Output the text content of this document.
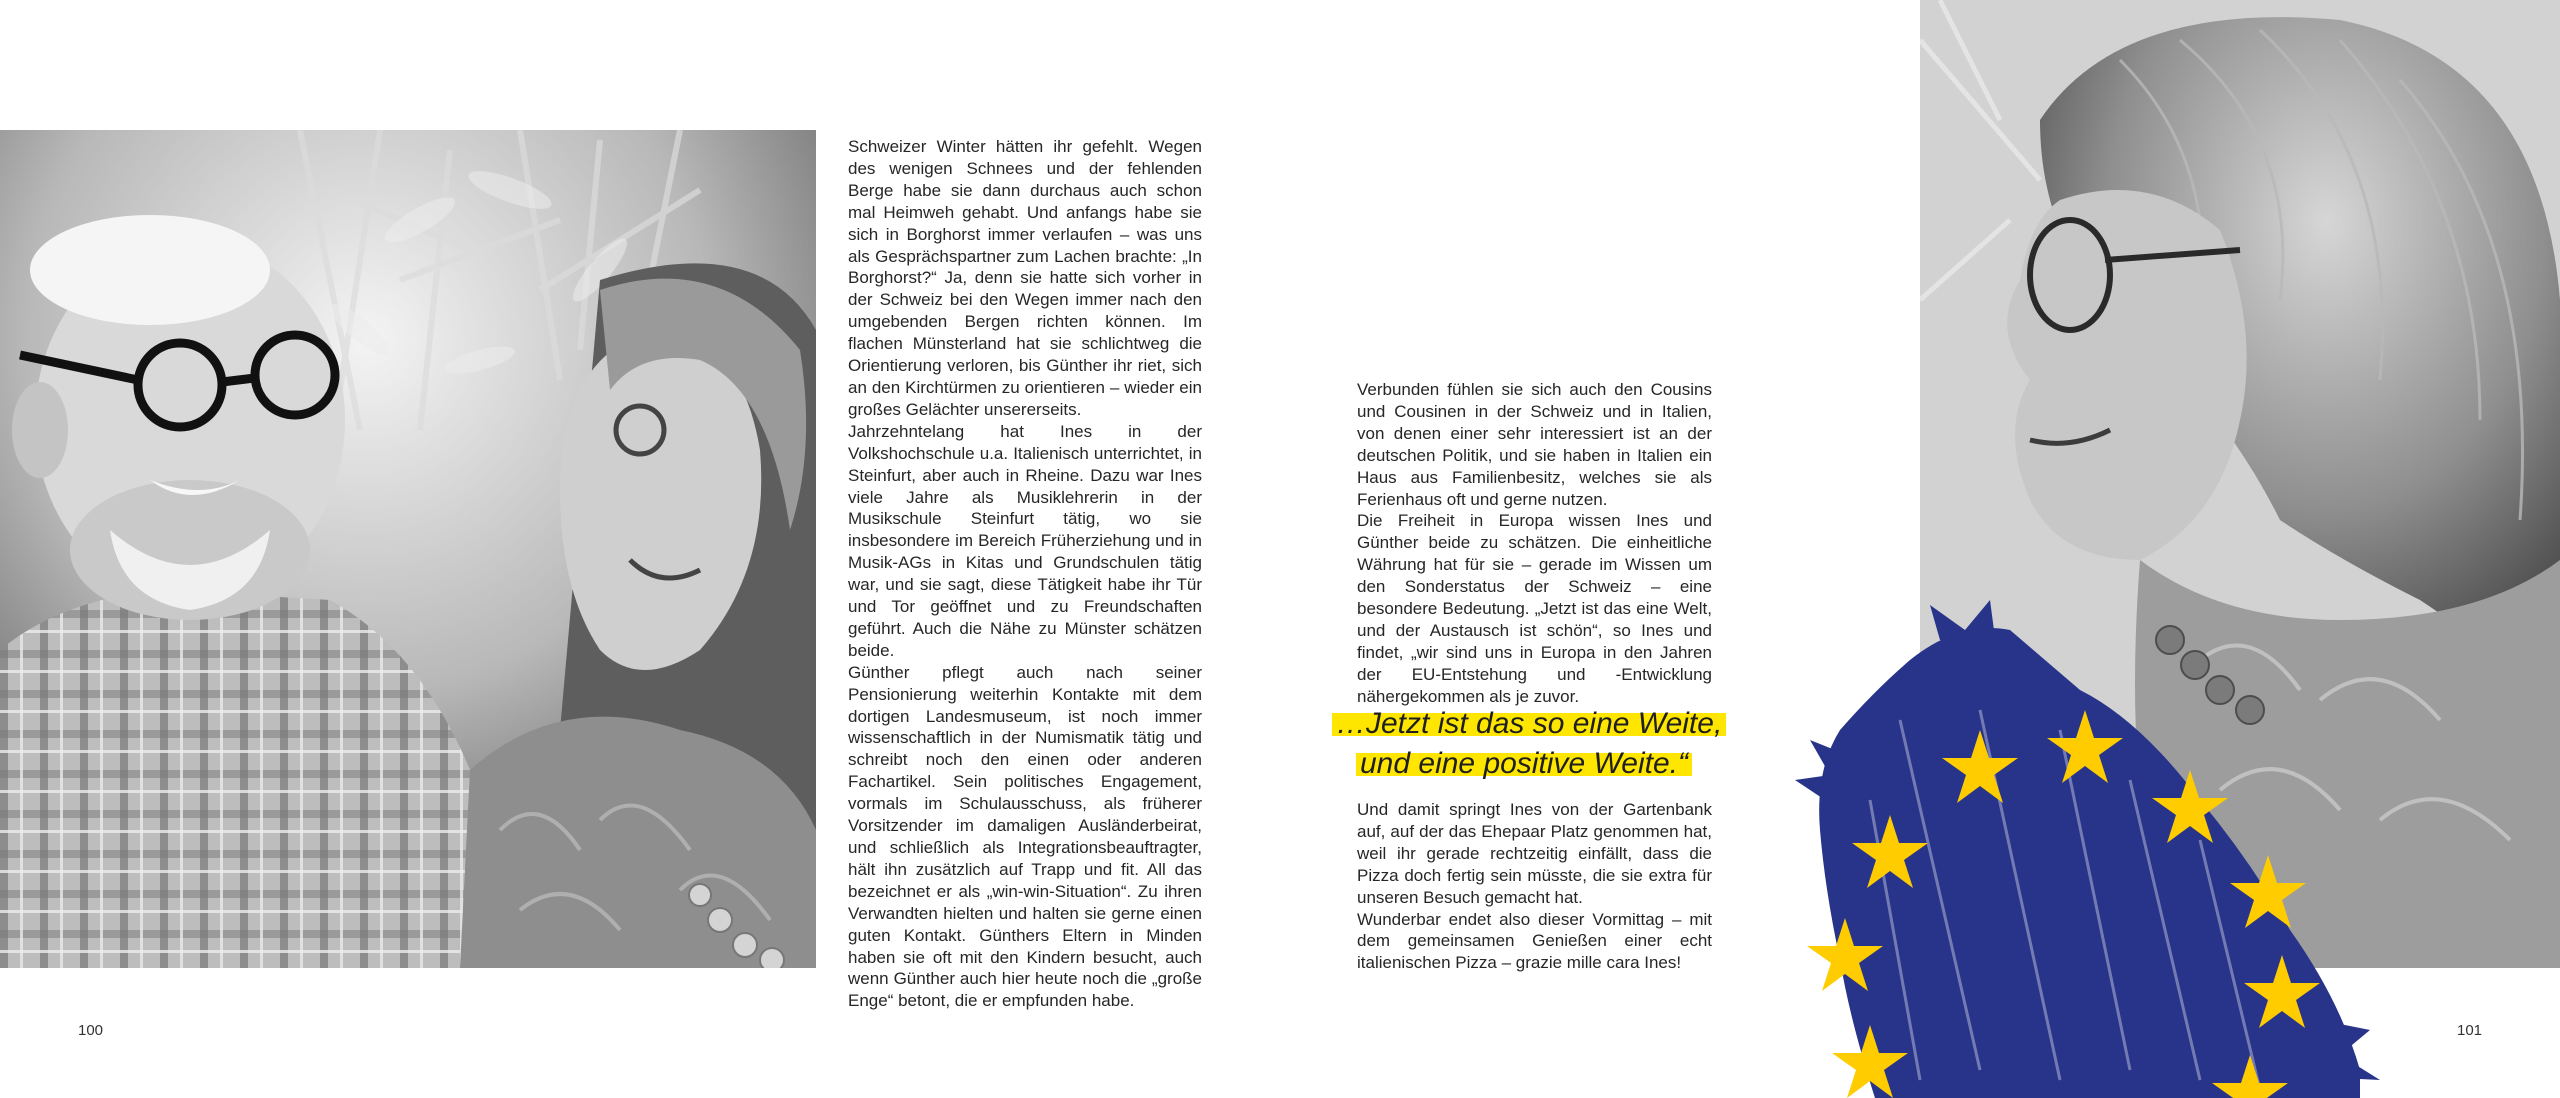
Schweizer Winter hätten ihr gefehlt. Wegen des wenigen Schnees und der fehlenden Berge habe sie dann durchaus auch schon mal Heimweh gehabt. Und anfangs habe sie sich in Borghorst immer verlaufen – was uns als Gesprächspartner zum Lachen brachte: „In Borghorst?“ Ja, denn sie hatte sich vorher in der Schweiz bei den Wegen immer nach den umgebenden Bergen richten können. Im flachen Münsterland hat sie schlichtweg die Orientierung verloren, bis Günther ihr riet, sich an den Kirchtürmen zu orientieren – wieder ein großes Gelächter unsererseits.

Jahrzehntelang hat Ines in der Volkshochschule u.a. Italienisch unterrichtet, in Steinfurt, aber auch in Rheine. Dazu war Ines viele Jahre als Musiklehrerin in der Musikschule Steinfurt tätig, wo sie insbesondere im Bereich Früherziehung und in Musik-AGs in Kitas und Grundschulen tätig war, und sie sagt, diese Tätigkeit habe ihr Tür und Tor geöffnet und zu Freundschaften geführt. Auch die Nähe zu Münster schätzen beide.

Günther pflegt auch nach seiner Pensionierung weiterhin Kontakte mit dem dortigen Landesmuseum, ist noch immer wissenschaftlich in der Numismatik tätig und schreibt noch den einen oder anderen Fachartikel. Sein politisches Engagement, vormals im Schulausschuss, als früherer Vorsitzender im damaligen Ausländerbeirat, und schließlich als Integrationsbeauftragter, hält ihn zusätzlich auf Trapp und fit. All das bezeichnet er als „win-win-Situation“. Zu ihren Verwandten hielten und halten sie gerne einen guten Kontakt. Günthers Eltern in Minden haben sie oft mit den Kindern besucht, auch wenn Günther auch hier heute noch die „große Enge“ betont, die er empfunden habe.

100

Verbunden fühlen sie sich auch den Cousins und Cousinen in der Schweiz und in Italien, von denen einer sehr interessiert ist an der deutschen Politik, und sie haben in Italien ein Haus aus Familienbesitz, welches sie als Ferienhaus oft und gerne nutzen.

Die Freiheit in Europa wissen Ines und Günther beide zu schätzen. Die einheitliche Währung hat für sie – gerade im Wissen um den Sonderstatus der Schweiz – eine besondere Bedeutung. „Jetzt ist das eine Welt, und der Austausch ist schön“, so Ines und findet, „wir sind uns in Europa in den Jahren der EU-Entstehung und -Entwicklung nähergekommen als je zuvor.

…Jetzt ist das so eine Weite,
und eine positive Weite.“

Und damit springt Ines von der Gartenbank auf, auf der das Ehepaar Platz genommen hat, weil ihr gerade rechtzeitig einfällt, dass die Pizza doch fertig sein müsste, die sie extra für unseren Besuch gemacht hat.

Wunderbar endet also dieser Vormittag – mit dem gemeinsamen Genießen einer echt italienischen Pizza – grazie mille cara Ines!

101
